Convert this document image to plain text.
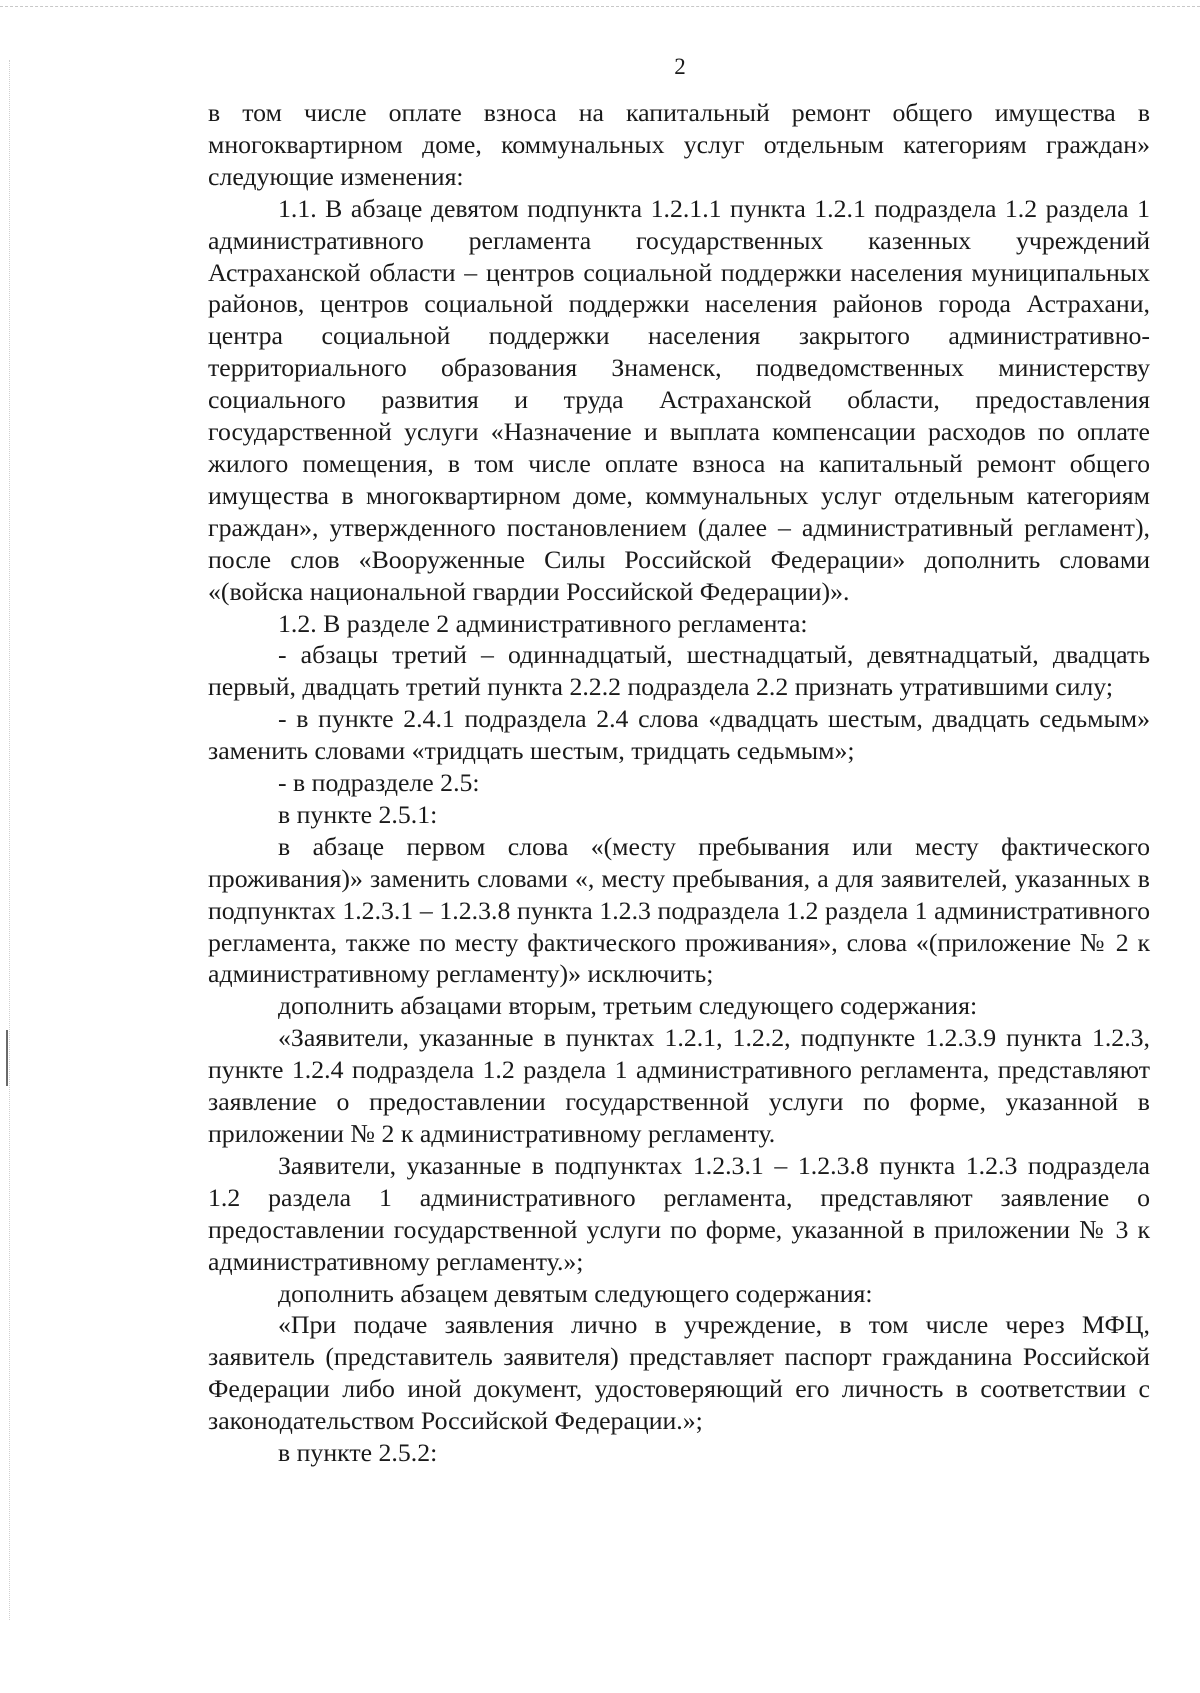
2

в том числе оплате взноса на капитальный ремонт общего имущества в многоквартирном доме, коммунальных услуг отдельным категориям граждан» следующие изменения:

1.1. В абзаце девятом подпункта 1.2.1.1 пункта 1.2.1 подраздела 1.2 раздела 1 административного регламента государственных казенных учреждений Астраханской области – центров социальной поддержки населения муниципальных районов, центров социальной поддержки населения районов города Астрахани, центра социальной поддержки населения закрытого административно-территориального образования Знаменск, подведомственных министерству социального развития и труда Астраханской области, предоставления государственной услуги «Назначение и выплата компенсации расходов по оплате жилого помещения, в том числе оплате взноса на капитальный ремонт общего имущества в многоквартирном доме, коммунальных услуг отдельным категориям граждан», утвержденного постановлением (далее – административный регламент), после слов «Вооруженные Силы Российской Федерации» дополнить словами «(войска национальной гвардии Российской Федерации)».

1.2. В разделе 2 административного регламента:

- абзацы третий – одиннадцатый, шестнадцатый, девятнадцатый, двадцать первый, двадцать третий пункта 2.2.2 подраздела 2.2 признать утратившими силу;

- в пункте 2.4.1 подраздела 2.4 слова «двадцать шестым, двадцать седьмым» заменить словами «тридцать шестым, тридцать седьмым»;

- в подразделе 2.5:

в пункте 2.5.1:

в абзаце первом слова «(месту пребывания или месту фактического проживания)» заменить словами «, месту пребывания, а для заявителей, указанных в подпунктах 1.2.3.1 – 1.2.3.8 пункта 1.2.3 подраздела 1.2 раздела 1 административного регламента, также по месту фактического проживания», слова «(приложение № 2 к административному регламенту)» исключить;

дополнить абзацами вторым, третьим следующего содержания:

«Заявители, указанные в пунктах 1.2.1, 1.2.2, подпункте 1.2.3.9 пункта 1.2.3, пункте 1.2.4 подраздела 1.2 раздела 1 административного регламента, представляют заявление о предоставлении государственной услуги по форме, указанной в приложении № 2 к административному регламенту.

Заявители, указанные в подпунктах 1.2.3.1 – 1.2.3.8 пункта 1.2.3 подраздела 1.2 раздела 1 административного регламента, представляют заявление о предоставлении государственной услуги по форме, указанной в приложении № 3 к административному регламенту.»;

дополнить абзацем девятым следующего содержания:

«При подаче заявления лично в учреждение, в том числе через МФЦ, заявитель (представитель заявителя) представляет паспорт гражданина Российской Федерации либо иной документ, удостоверяющий его личность в соответствии с законодательством Российской Федерации.»;

в пункте 2.5.2:
